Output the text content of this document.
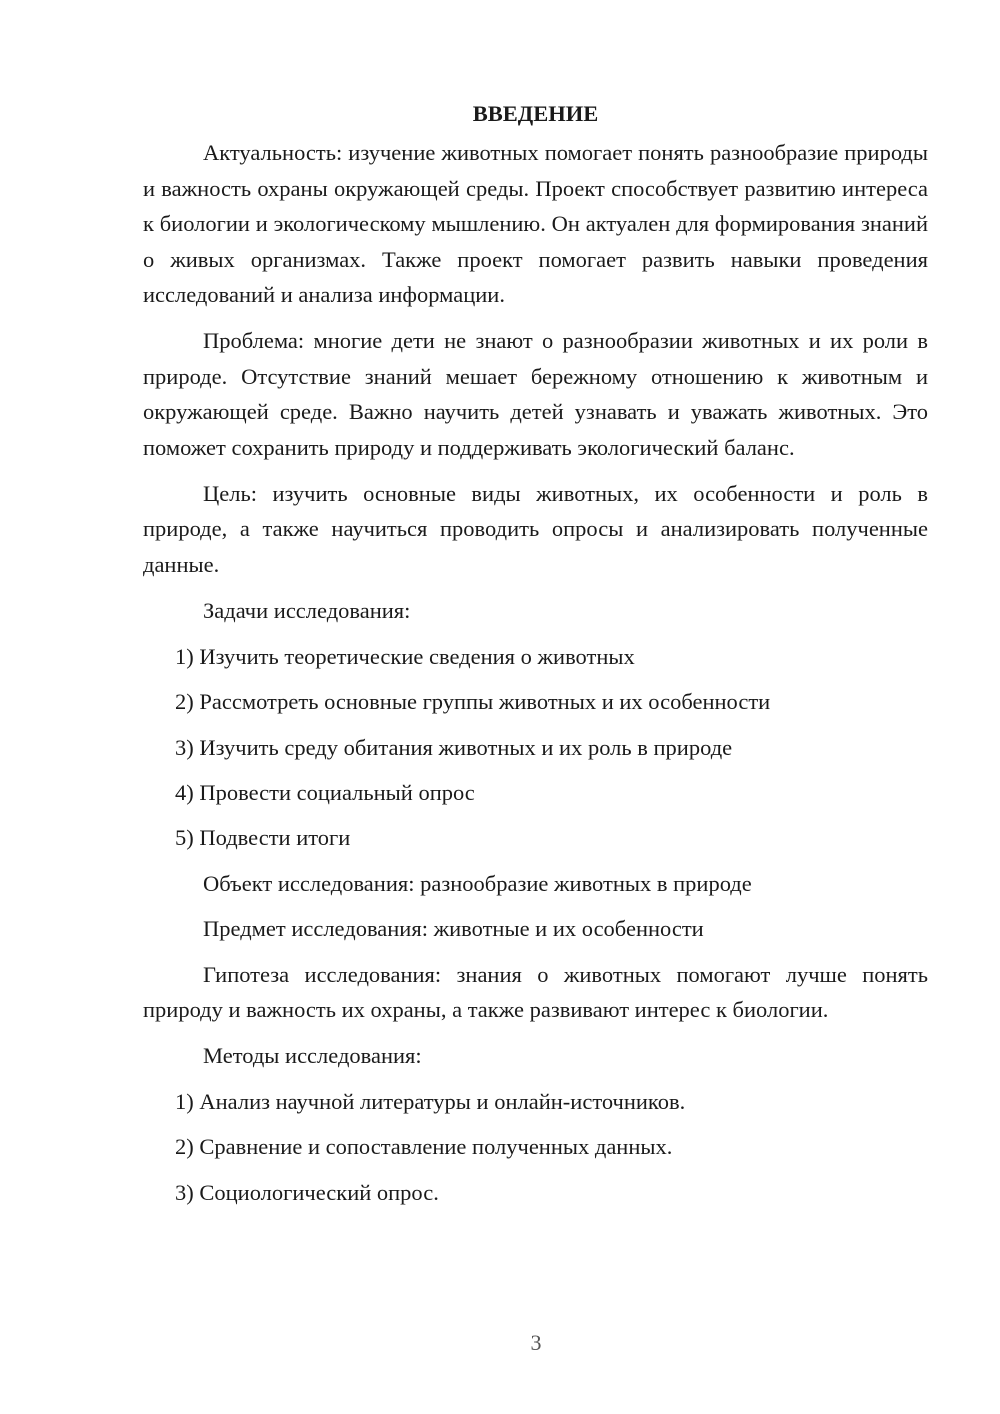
ВВЕДЕНИЕ

Актуальность: изучение животных помогает понять разнообразие природы и важность охраны окружающей среды. Проект способствует развитию интереса к биологии и экологическому мышлению. Он актуален для формирования знаний о живых организмах. Также проект помогает развить навыки проведения исследований и анализа информации.

Проблема: многие дети не знают о разнообразии животных и их роли в природе. Отсутствие знаний мешает бережному отношению к животным и окружающей среде. Важно научить детей узнавать и уважать животных. Это поможет сохранить природу и поддерживать экологический баланс.

Цель: изучить основные виды животных, их особенности и роль в природе, а также научиться проводить опросы и анализировать полученные данные.

Задачи исследования:

1) Изучить теоретические сведения о животных
2) Рассмотреть основные группы животных и их особенности
3) Изучить среду обитания животных и их роль в природе
4) Провести социальный опрос
5) Подвести итоги

Объект исследования: разнообразие животных в природе

Предмет исследования: животные и их особенности

Гипотеза исследования: знания о животных помогают лучше понять природу и важность их охраны, а также развивают интерес к биологии.

Методы исследования:

1) Анализ научной литературы и онлайн-источников.
2) Сравнение и сопоставление полученных данных.
3) Социологический опрос.
3
